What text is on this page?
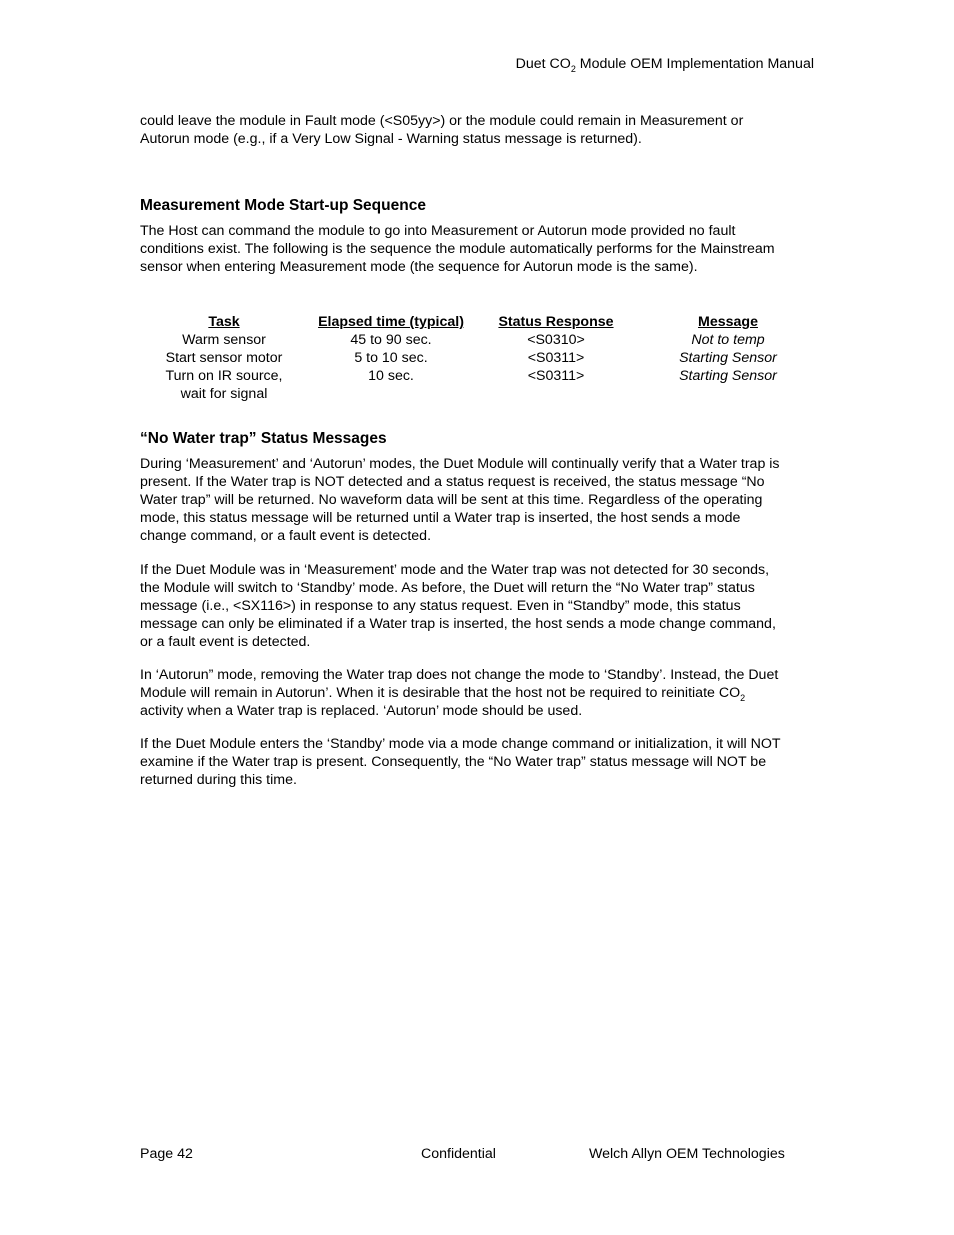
Duet $CO_2$ Module OEM Implementation Manual
could leave the module in Fault mode (<S05yy>) or the module could remain in Measurement or
Autorun mode (e.g., if a Very Low Signal - Warning status message is returned).
Measurement Mode Start-up Sequence
The Host can command the module to go into Measurement or Autorun mode provided no fault
conditions exist. The following is the sequence the module automatically performs for the Mainstream
sensor when entering Measurement mode (the sequence for Autorun mode is the same).
Task	Elapsed time (typical)	Status Response	Message
Warm sensor	45 to 90 sec.	<S0310>	Not to temp
Start sensor motor	5 to 10 sec.	<S0311>	Starting Sensor
Turn on IR source,	10 sec.	<S0311>	Starting Sensor
wait for signal
“No Water trap” Status Messages
During ‘Measurement’ and ‘Autorun’ modes, the Duet Module will continually verify that a Water trap is
present. If the Water trap is NOT detected and a status request is received, the status message “No
Water trap” will be returned. No waveform data will be sent at this time. Regardless of the operating
mode, this status message will be returned until a Water trap is inserted, the host sends a mode
change command, or a fault event is detected.
If the Duet Module was in ‘Measurement’ mode and the Water trap was not detected for 30 seconds,
the Module will switch to ‘Standby’ mode. As before, the Duet will return the “No Water trap” status
message (i.e., <SX116>) in response to any status request. Even in “Standby” mode, this status
message can only be eliminated if a Water trap is inserted, the host sends a mode change command,
or a fault event is detected.
In ‘Autorun” mode, removing the Water trap does not change the mode to ‘Standby’. Instead, the Duet
Module will remain in Autorun’. When it is desirable that the host not be required to reinitiate $CO_2$
activity when a Water trap is replaced. ‘Autorun’ mode should be used.
If the Duet Module enters the ‘Standby’ mode via a mode change command or initialization, it will NOT
examine if the Water trap is present. Consequently, the “No Water trap” status message will NOT be
returned during this time.
Page 42	Confidential	Welch Allyn OEM Technologies
